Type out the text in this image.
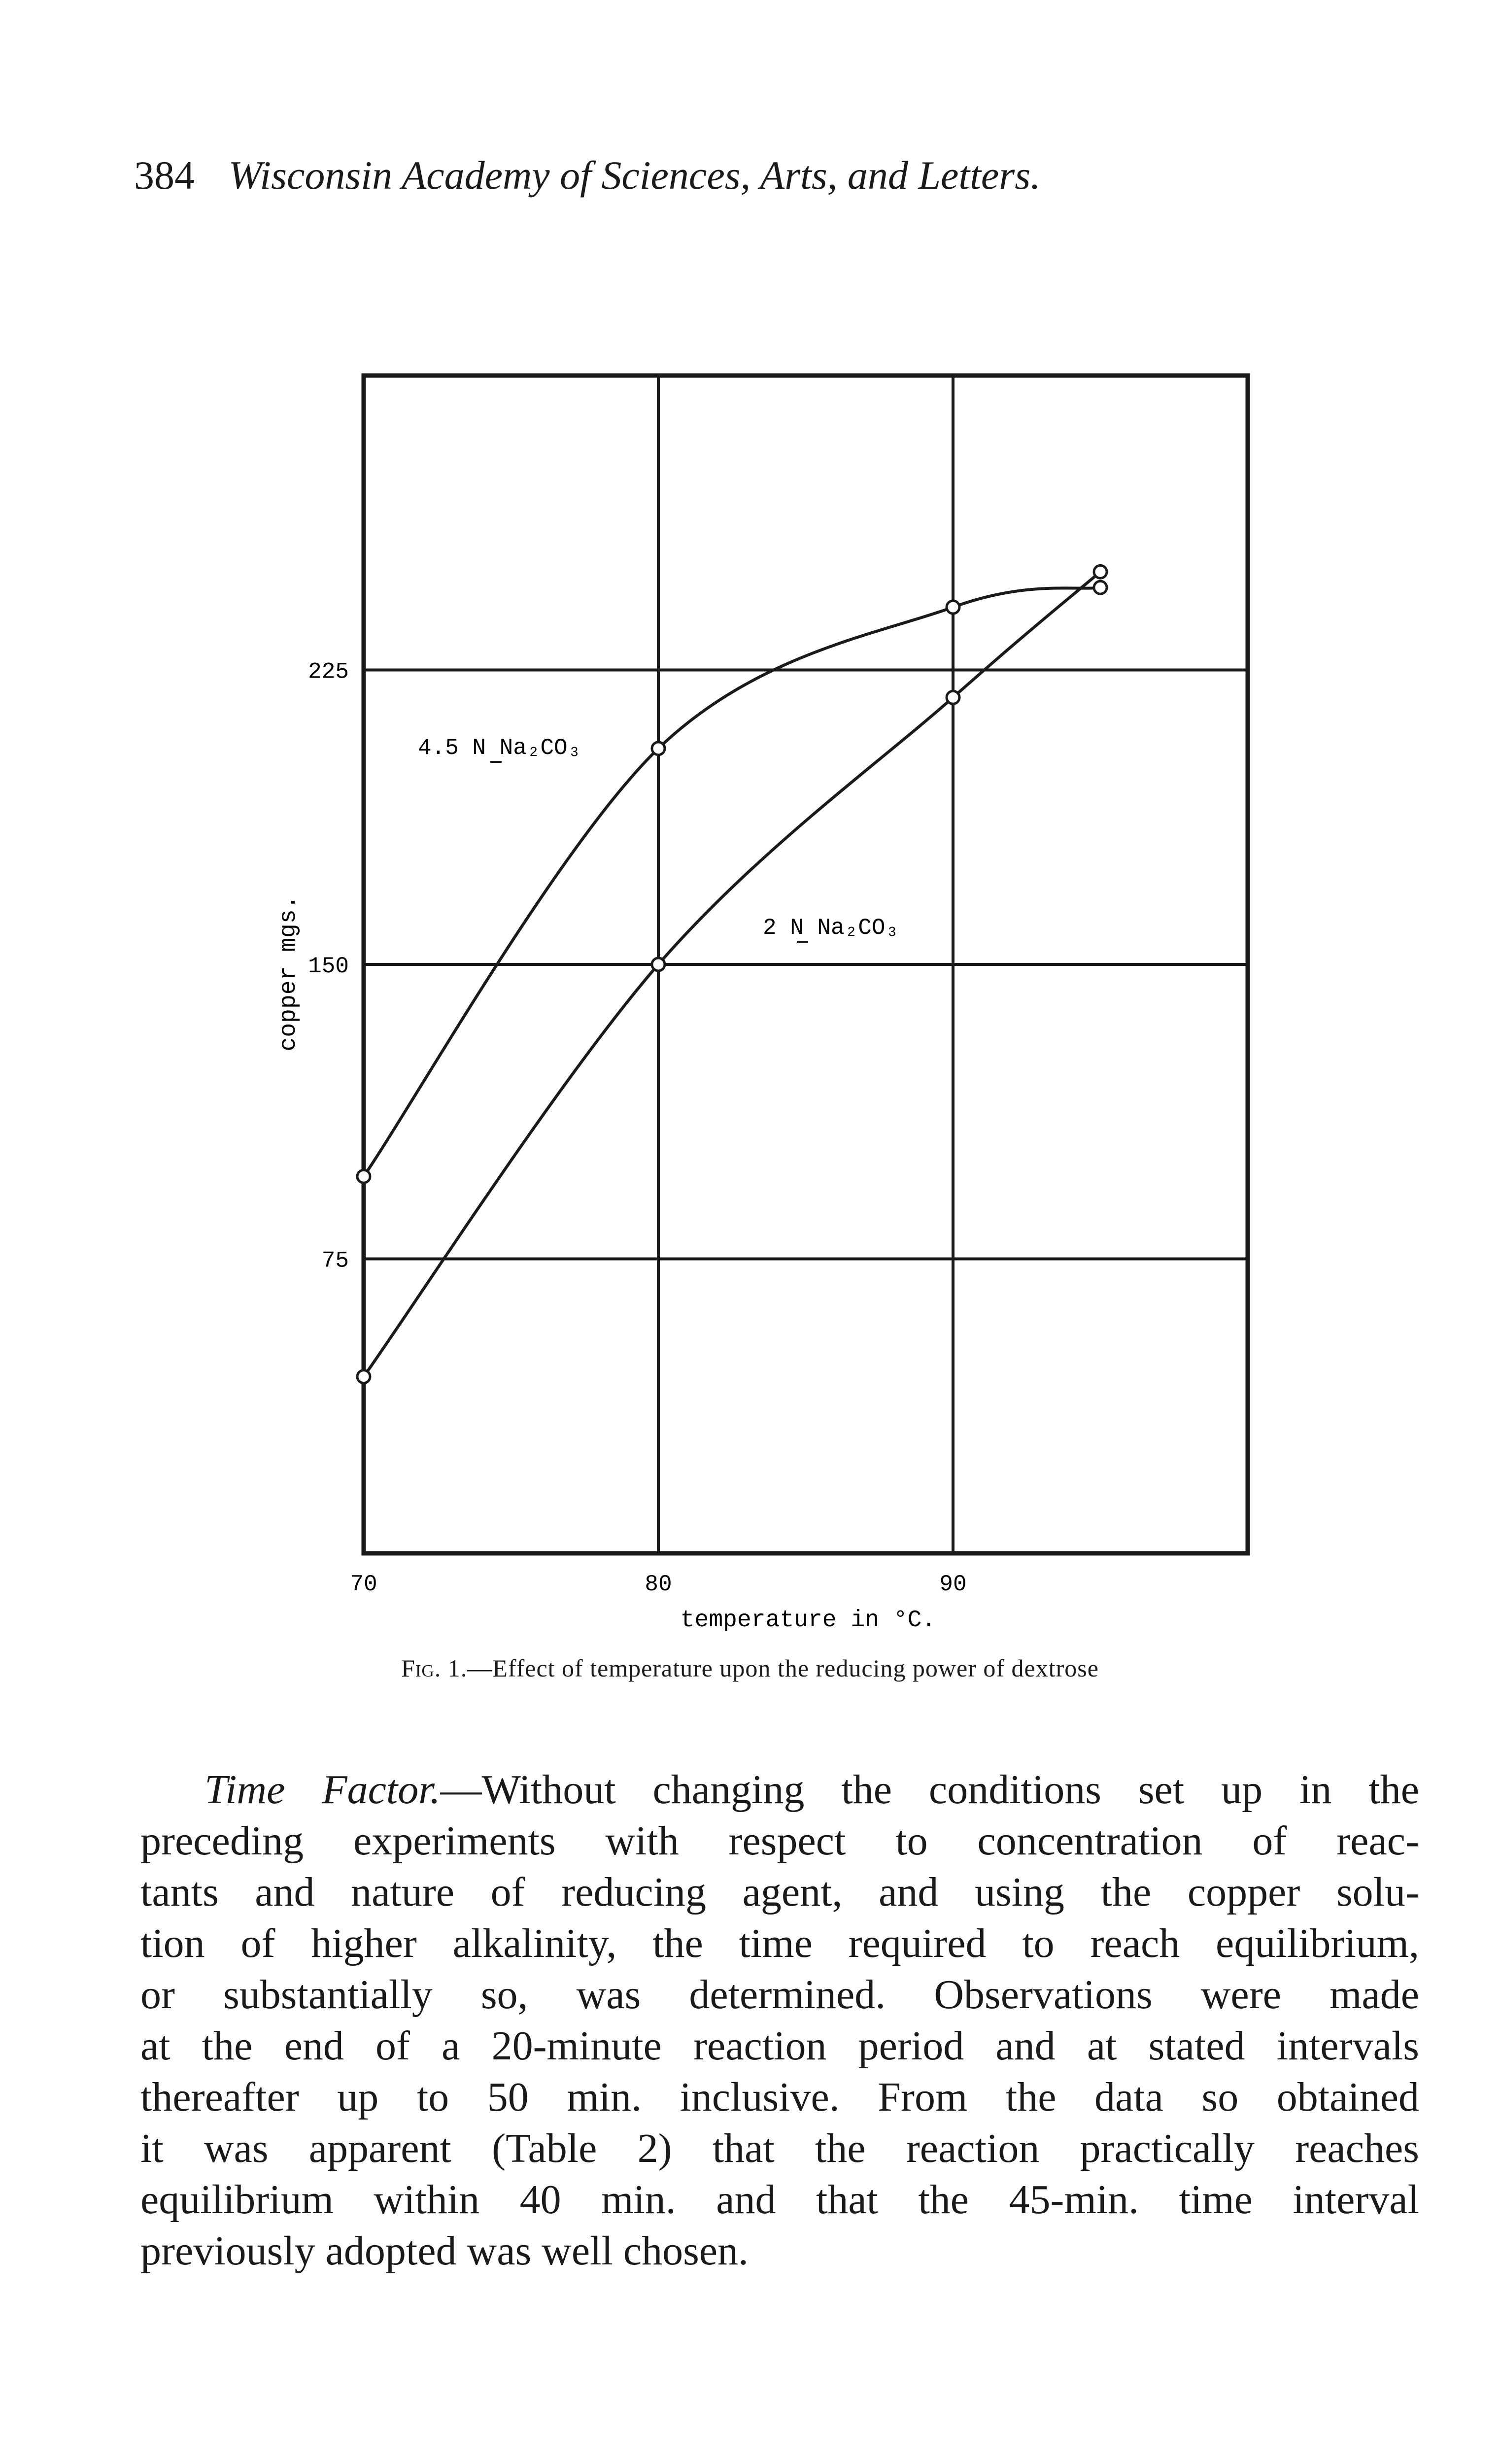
384 Wisconsin Academy of Sciences, Arts, and Letters.
70	80	90
75
150
225
temperature in °C.
copper mgs.
4.5 N Na₂CO₃
2 N Na₂CO₃
Fig. 1.—Effect of temperature upon the reducing power of dextrose
Time Factor.—Without changing the conditions set up in the
preceding experiments with respect to concentration of reac-
tants and nature of reducing agent, and using the copper solu-
tion of higher alkalinity, the time required to reach equilibrium,
or substantially so, was determined. Observations were made
at the end of a 20-minute reaction period and at stated intervals
thereafter up to 50 min. inclusive. From the data so obtained
it was apparent (Table 2) that the reaction practically reaches
equilibrium within 40 min. and that the 45-min. time interval
previously adopted was well chosen.
